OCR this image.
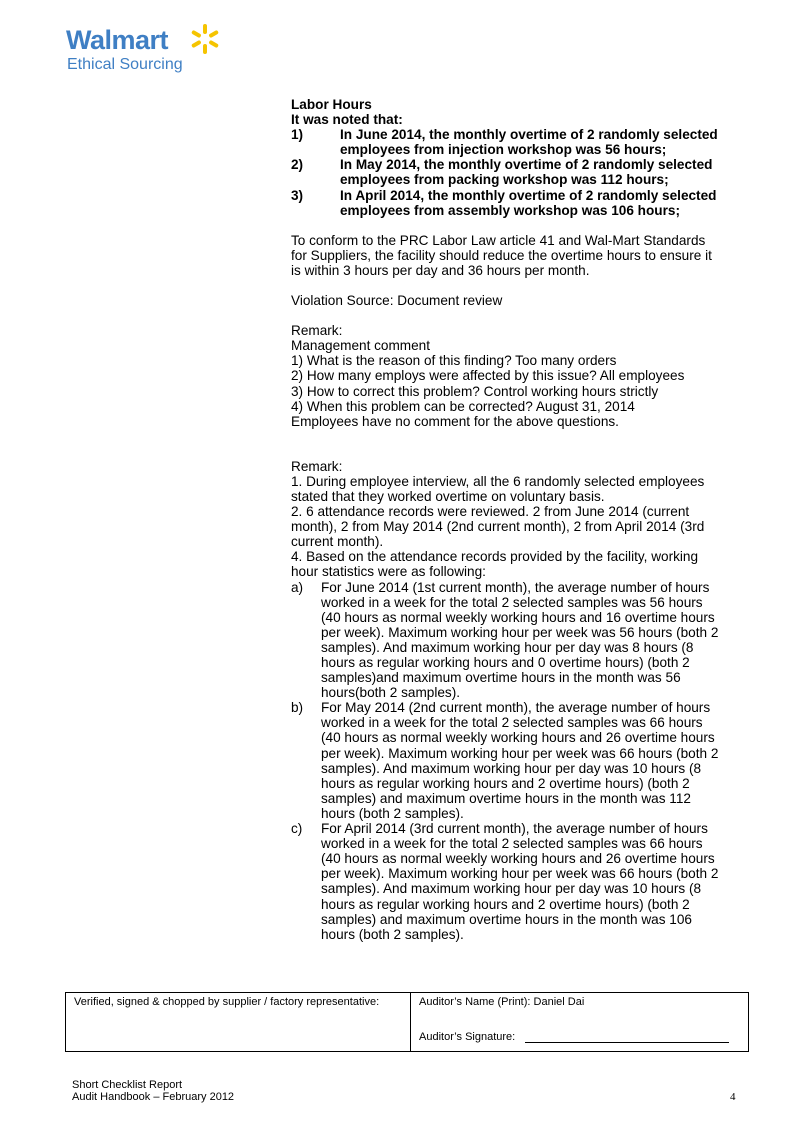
Walmart
Ethical Sourcing

Labor Hours

It was noted that:

1)	In June 2014, the monthly overtime of 2 randomly selected employees from injection workshop was 56 hours;
2)	In May 2014, the monthly overtime of 2 randomly selected employees from packing workshop was 112 hours;
3)	In April 2014, the monthly overtime of 2 randomly selected employees from assembly workshop was 106 hours;

To conform to the PRC Labor Law article 41 and Wal-Mart Standards for Suppliers, the facility should reduce the overtime hours to ensure it is within 3 hours per day and 36 hours per month.

Violation Source: Document review

Remark:

Management comment

1) What is the reason of this finding? Too many orders

2) How many employs were affected by this issue? All employees

3) How to correct this problem? Control working hours strictly

4) When this problem can be corrected? August 31, 2014

Employees have no comment for the above questions.

Remark:

1. During employee interview, all the 6 randomly selected employees stated that they worked overtime on voluntary basis.

2. 6 attendance records were reviewed. 2 from June 2014 (current month), 2 from May 2014 (2nd current month), 2 from April 2014 (3rd current month).

4. Based on the attendance records provided by the facility, working hour statistics were as following:

a)	For June 2014 (1st current month), the average number of hours worked in a week for the total 2 selected samples was 56 hours (40 hours as normal weekly working hours and 16 overtime hours per week). Maximum working hour per week was 56 hours (both 2 samples). And maximum working hour per day was 8 hours (8 hours as regular working hours and 0 overtime hours) (both 2 samples)and maximum overtime hours in the month was 56 hours(both 2 samples).
b)	For May 2014 (2nd current month), the average number of hours worked in a week for the total 2 selected samples was 66 hours (40 hours as normal weekly working hours and 26 overtime hours per week). Maximum working hour per week was 66 hours (both 2 samples). And maximum working hour per day was 10 hours (8 hours as regular working hours and 2 overtime hours) (both 2 samples) and maximum overtime hours in the month was 112 hours (both 2 samples).
c)	For April 2014 (3rd current month), the average number of hours worked in a week for the total 2 selected samples was 66 hours (40 hours as normal weekly working hours and 26 overtime hours per week). Maximum working hour per week was 66 hours (both 2 samples). And maximum working hour per day was 10 hours (8 hours as regular working hours and 2 overtime hours) (both 2 samples) and maximum overtime hours in the month was 106 hours (both 2 samples).
Verified, signed & chopped by supplier / factory representative:	Auditor’s Name (Print): Daniel Dai
Auditor’s Signature:
Short Checklist Report
Audit Handbook – February 2012	4
